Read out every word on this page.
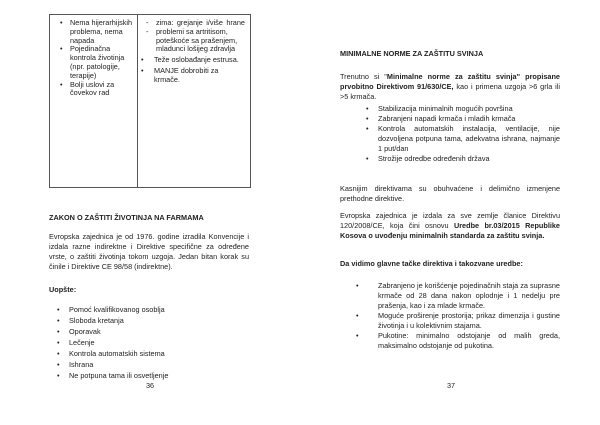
• Nema hijerarhijskih problema, nema napada
• Pojedinačna kontrola životinja (npr. patologije, terapije)
• Bolji uslovi za čovekov rad
- zima: grejanje i/više hrane
- problemi sa artritisom, poteškoće sa prašenjem, mladunci lošijeg zdravlja
• Teže oslobađanje estrusa.
• MANJE dobrobiti za krmače.
ZAKON O ZAŠTITI ŽIVOTINJA NA FARMAMA
Evropska zajednica je od 1976. godine izradila Konvencije i izdala razne indirektne i Direktive specifične za određene vrste, o zaštiti životinja tokom uzgoja. Jedan bitan korak su činile i Direktive CE 98/58 (indirektne).
Uopšte:
• Pomoć kvalifikovanog osoblja
• Sloboda kretanja
• Oporavak
• Lečenje
• Kontrola automatskih sistema
• Ishrana
• Ne potpuna tama ili osvetljenje
36
MINIMALNE NORME ZA ZAŠTITU SVINJA
Trenutno si "Minimalne norme za zaštitu svinja" propisane prvobitno Direktivom 91/630/CE, kao i primena uzgoja >6 grla ili >5 krmača.
• Stabilizacija minimalnih mogućih površina
• Zabranjeni napadi krmača i mladih krmača
• Kontrola automatskih instalacija, ventilacije, nije dozvoljena potpuna tama, adekvatna ishrana, najmanje 1 put/dan
• Strožije odredbe određenih država
Kasnijim direktivama su obuhvaćene i delimično izmenjene prethodne direktive.
Evropska zajednica je izdala za sve zemlje članice Direktivu 120/2008/CE, koja čini osnovu Uredbe br.03/2015 Republike Kosova o uvođenju minimalnih standarda za zaštitu svinja.
Da vidimo glavne tačke direktiva i takozvane uredbe:
• Zabranjeno je korišćenje pojedinačnih staja za suprasne krmače od 28 dana nakon oplodnje i 1 nedelju pre prašenja, kao i za mlade krmače.
• Moguće proširenje prostorija; prikaz dimenzija i gustine životinja i u kolektivnim stajama.
• Pukotine: minimalno odstojanje od malih greda, maksimalno odstojanje od pukotina.
37
